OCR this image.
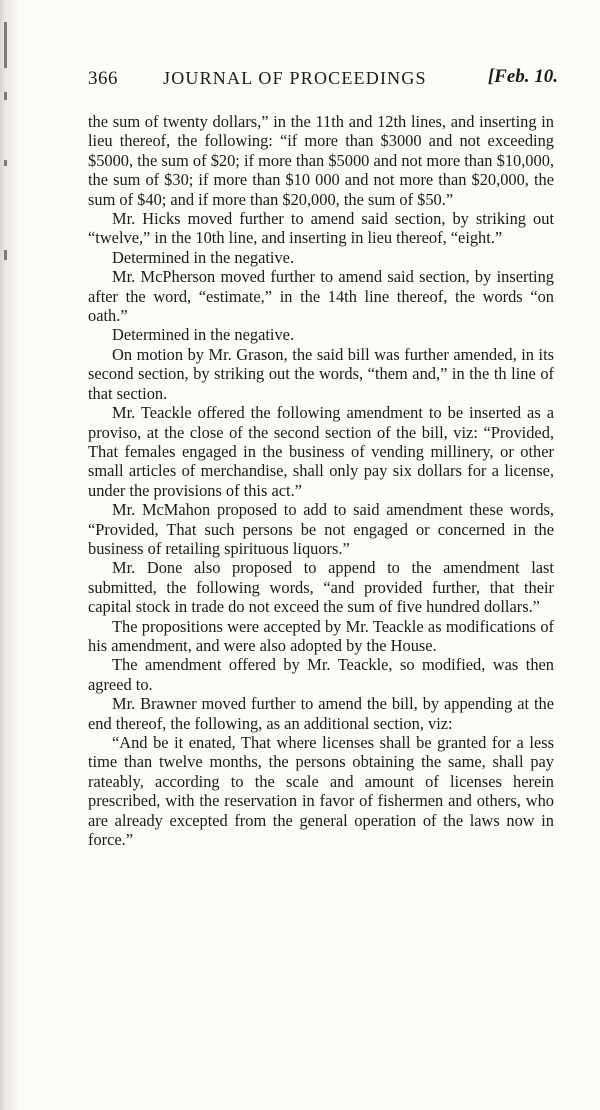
366	JOURNAL OF PROCEEDINGS	[Feb. 10.

the sum of twenty dollars,” in the 11th and 12th lines, and inserting in lieu thereof, the following: “if more than $3000 and not exceeding $5000, the sum of $20; if more than $5000 and not more than $10,000, the sum of $30; if more than $10 000 and not more than $20,000, the sum of $40; and if more than $20,000, the sum of $50.”

Mr. Hicks moved further to amend said section, by striking out “twelve,” in the 10th line, and inserting in lieu thereof, “eight.”

Determined in the negative.

Mr. McPherson moved further to amend said section, by inserting after the word, “estimate,” in the 14th line thereof, the words “on oath.”

Determined in the negative.

On motion by Mr. Grason, the said bill was further amended, in its second section, by striking out the words, “them and,” in the th line of that section.

Mr. Teackle offered the following amendment to be inserted as a proviso, at the close of the second section of the bill, viz: “Provided, That females engaged in the business of vending millinery, or other small articles of merchandise, shall only pay six dollars for a license, under the provisions of this act.”

Mr. McMahon proposed to add to said amendment these words, “Provided, That such persons be not engaged or concerned in the business of retailing spirituous liquors.”

Mr. Done also proposed to append to the amendment last submitted, the following words, “and provided further, that their capital stock in trade do not exceed the sum of five hundred dollars.”

The propositions were accepted by Mr. Teackle as modifications of his amendment, and were also adopted by the House.

The amendment offered by Mr. Teackle, so modified, was then agreed to.

Mr. Brawner moved further to amend the bill, by appending at the end thereof, the following, as an additional section, viz:

“And be it enated, That where licenses shall be granted for a less time than twelve months, the persons obtaining the same, shall pay rateably, according to the scale and amount of licenses herein prescribed, with the reservation in favor of fishermen and others, who are already excepted from the general operation of the laws now in force.”
